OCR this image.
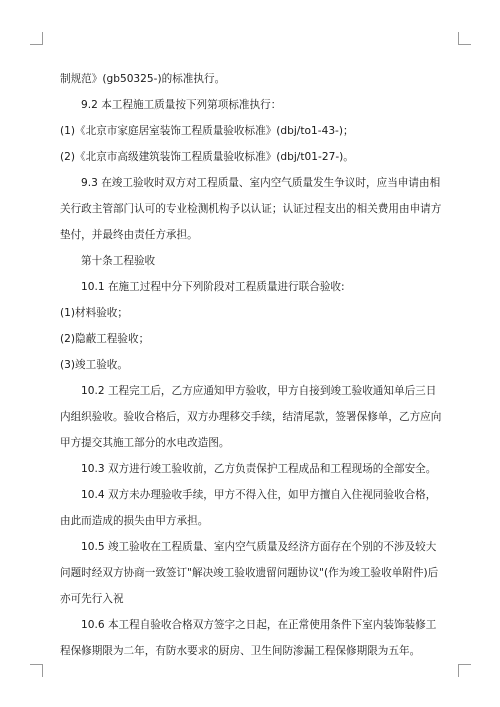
制规范》(gb50325-)的标准执行。

9.2 本工程施工质量按下列第项标准执行：

(1)《北京市家庭居室装饰工程质量验收标准》(dbj/to1-43-)；

(2)《北京市高级建筑装饰工程质量验收标准》(dbj/t01-27-)。

9.3 在竣工验收时双方对工程质量、室内空气质量发生争议时，应当申请由相关行政主管部门认可的专业检测机构予以认证；认证过程支出的相关费用由申请方垫付，并最终由责任方承担。

第十条工程验收

10.1 在施工过程中分下列阶段对工程质量进行联合验收:

(1)材料验收；

(2)隐蔽工程验收；

(3)竣工验收。

10.2 工程完工后，乙方应通知甲方验收，甲方自接到竣工验收通知单后三日内组织验收。验收合格后，双方办理移交手续，结清尾款，签署保修单，乙方应向甲方提交其施工部分的水电改造图。

10.3 双方进行竣工验收前，乙方负责保护工程成品和工程现场的全部安全。

10.4 双方未办理验收手续，甲方不得入住，如甲方擅自入住视同验收合格，由此而造成的损失由甲方承担。

10.5 竣工验收在工程质量、室内空气质量及经济方面存在个别的不涉及较大问题时经双方协商一致签订"解决竣工验收遗留问题协议"(作为竣工验收单附件)后亦可先行入祝

10.6 本工程自验收合格双方签字之日起，在正常使用条件下室内装饰装修工程保修期限为二年，有防水要求的厨房、卫生间防渗漏工程保修期限为五年。
